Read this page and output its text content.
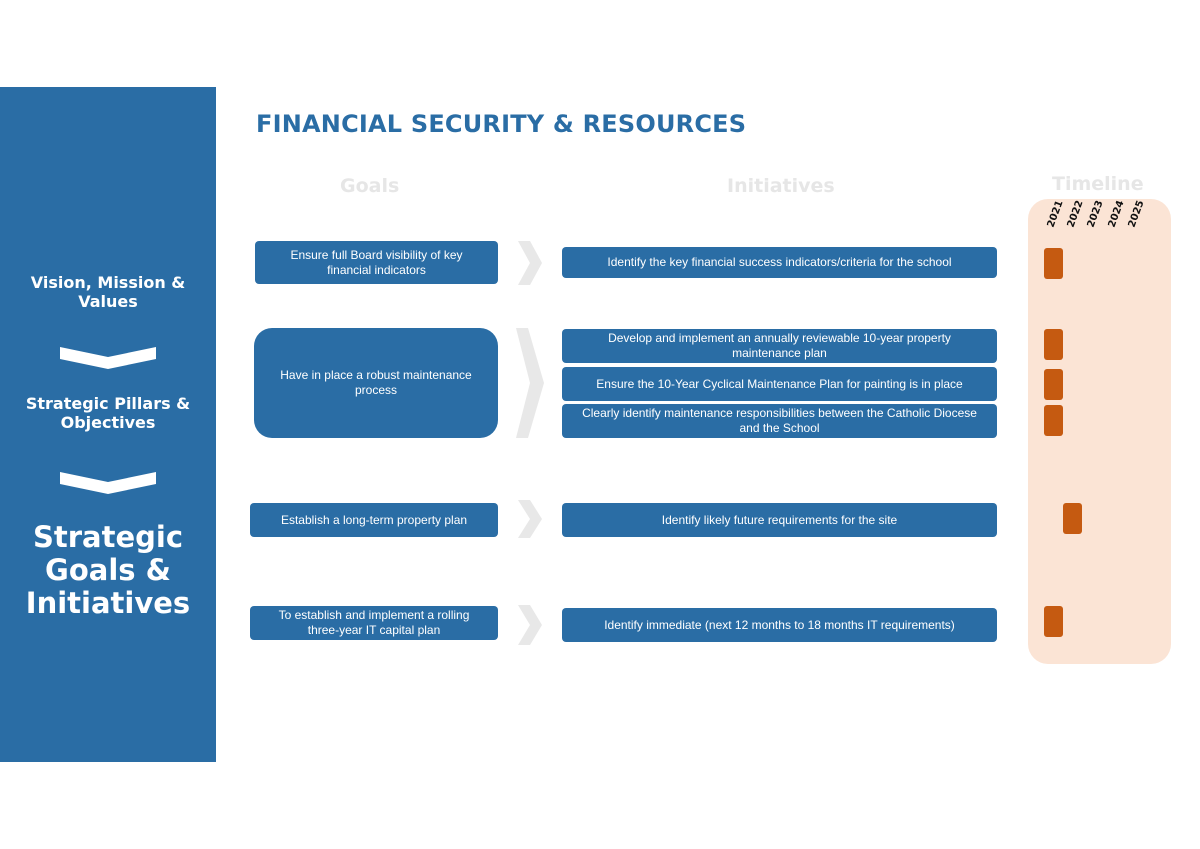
Vision, Mission & Values
Strategic Pillars & Objectives
Strategic Goals & Initiatives
FINANCIAL SECURITY & RESOURCES
Goals	Initiatives	Timeline
2021 2022 2023 2024 2025
Ensure full Board visibility of key financial indicators
Have in place a robust maintenance process
Establish a long-term property plan
To establish and implement a rolling three-year IT capital plan
Identify the key financial success indicators/criteria for the school
Develop and implement an annually reviewable 10-year property maintenance plan
Ensure the 10-Year Cyclical Maintenance Plan for painting is in place
Clearly identify maintenance responsibilities between the Catholic Diocese and the School
Identify likely future requirements for the site
Identify immediate (next 12 months to 18 months IT requirements)
